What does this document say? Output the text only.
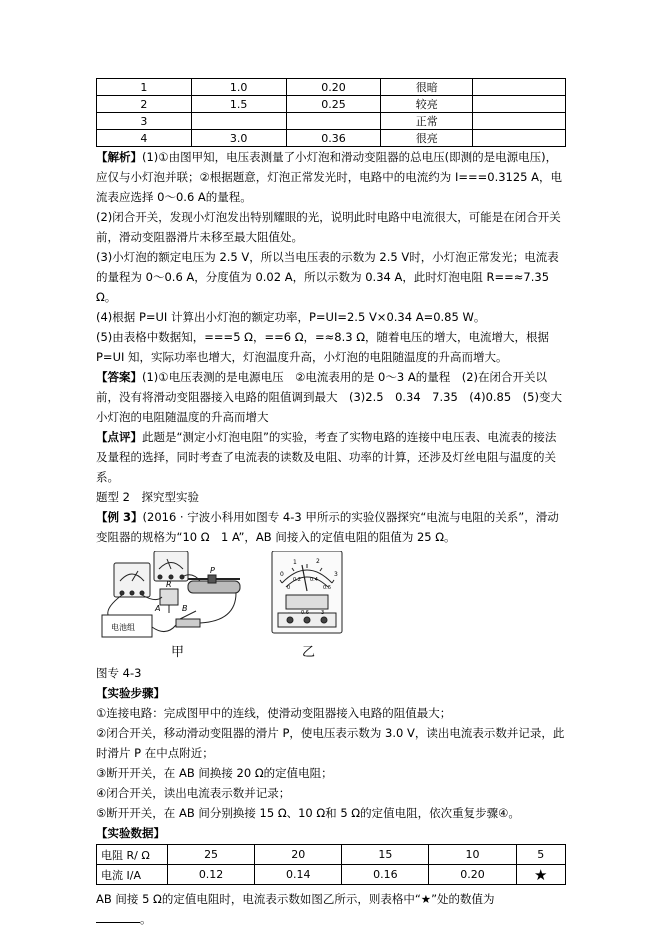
1	1.0	0.20	很暗	
2	1.5	0.25	较亮	
3			正常	
4	3.0	0.36	很亮	

【解析】(1)①由图甲知，电压表测量了小灯泡和滑动变阻器的总电压(即测的是电源电压)，应仅与小灯泡并联；②根据题意，灯泡正常发光时，电路中的电流约为 I===0.3125 A，电流表应选择 0～0.6 A的量程。

(2)闭合开关，发现小灯泡发出特别耀眼的光，说明此时电路中电流很大，可能是在闭合开关前，滑动变阻器滑片未移至最大阻值处。

(3)小灯泡的额定电压为 2.5 V，所以当电压表的示数为 2.5 V时，小灯泡正常发光；电流表的量程为 0～0.6 A，分度值为 0.02 A，所以示数为 0.34 A，此时灯泡电阻 R==≈7.35 Ω。

(4)根据 P=UI 计算出小灯泡的额定功率，P=UI=2.5 V×0.34 A=0.85 W。

(5)由表格中数据知，===5 Ω，==6 Ω，=≈8.3 Ω，随着电压的增大，电流增大，根据 P=UI 知，实际功率也增大，灯泡温度升高，小灯泡的电阻随温度的升高而增大。

【答案】(1)①电压表测的是电源电压　②电流表用的是 0～3 A的量程　(2)在闭合开关以前，没有将滑动变阻器接入电路的阻值调到最大　(3)2.5　0.34　7.35　(4)0.85　(5)变大　小灯泡的电阻随温度的升高而增大

【点评】此题是“测定小灯泡电阻”的实验，考查了实物电路的连接中电压表、电流表的接法及量程的选择，同时考查了电流表的读数及电阻、功率的计算，还涉及灯丝电阻与温度的关系。

题型 2　探究型实验

【例 3】(2016 · 宁波小科用如图专 4-3 甲所示的实验仪器探究“电流与电阻的关系”，滑动变阻器的规格为“10 Ω　1 A”，AB 间接入的定值电阻的阻值为 25 Ω。

A	B
P
R
电池组
0
1	2
3
0
0.2 0.4
0.6
- 0.6 3
甲	乙

图专 4-3

【实验步骤】

①连接电路：完成图甲中的连线，使滑动变阻器接入电路的阻值最大；

②闭合开关，移动滑动变阻器的滑片 P，使电压表示数为 3.0 V，读出电流表示数并记录，此时滑片 P 在中点附近；

③断开开关，在 AB 间换接 20 Ω的定值电阻；

④闭合开关，读出电流表示数并记录；

⑤断开开关，在 AB 间分别换接 15 Ω、10 Ω和 5 Ω的定值电阻，依次重复步骤④。

【实验数据】

电阻 R/ Ω	25	20	15	10	5
电流 I/A	0.12	0.14	0.16	0.20	★

AB 间接 5 Ω的定值电阻时，电流表示数如图乙所示，则表格中“★”处的数值为
。
